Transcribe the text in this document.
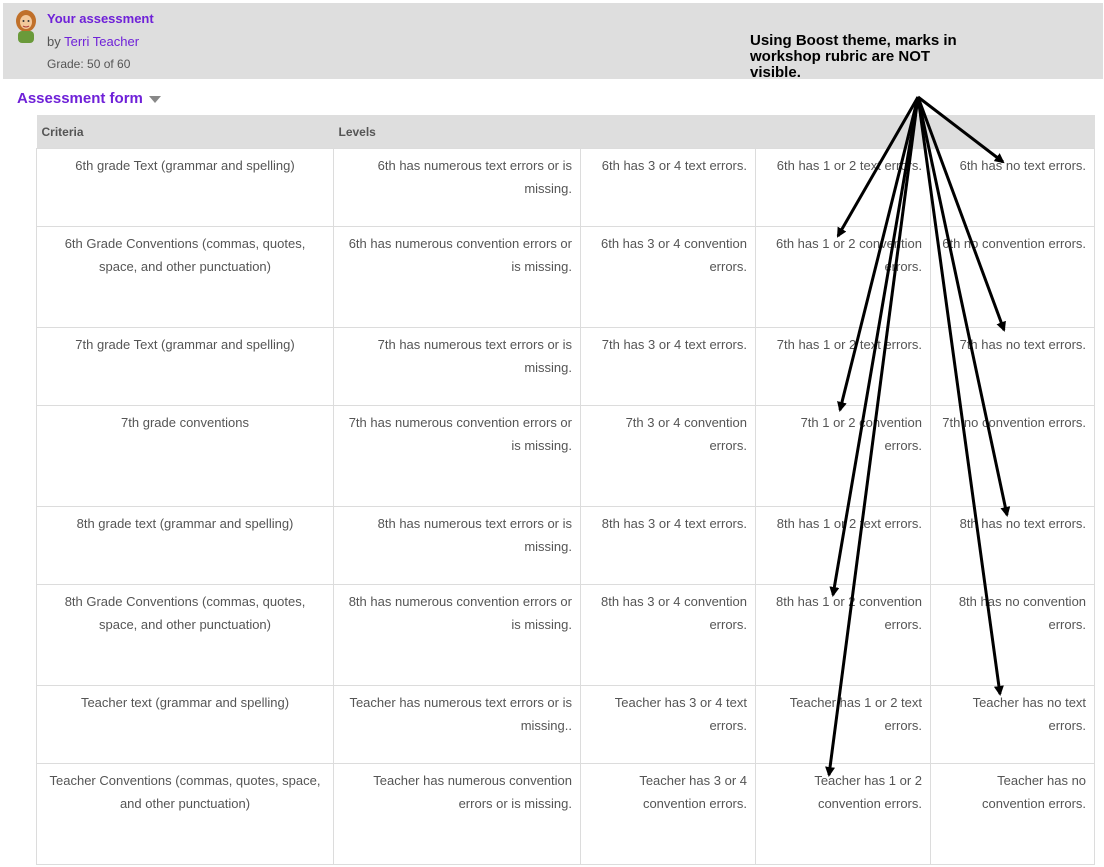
Your assessment
by Terri Teacher
Grade: 50 of 60
Assessment form
Criteria	Levels			
6th grade Text (grammar and spelling)	6th has numerous text errors or is missing.	6th has 3 or 4 text errors.	6th has 1 or 2 text errors.	6th has no text errors.
6th Grade Conventions (commas, quotes, space, and other punctuation)	6th has numerous convention errors or is missing.	6th has 3 or 4 convention errors.	6th has 1 or 2 convention errors.	6th no convention errors.
7th grade Text (grammar and spelling)	7th has numerous text errors or is missing.	7th has 3 or 4 text errors.	7th has 1 or 2 text errors.	7th has no text errors.
7th grade conventions	7th has numerous convention errors or is missing.	7th 3 or 4 convention errors.	7th 1 or 2 convention errors.	7th no convention errors.
8th grade text (grammar and spelling)	8th has numerous text errors or is missing.	8th has 3 or 4 text errors.	8th has 1 or 2 text errors.	8th has no text errors.
8th Grade Conventions (commas, quotes, space, and other punctuation)	8th has numerous convention errors or is missing.	8th has 3 or 4 convention errors.	8th has 1 or 2 convention errors.	8th has no convention errors.
Teacher text (grammar and spelling)	Teacher has numerous text errors or is missing..	Teacher has 3 or 4 text errors.	Teacher has 1 or 2 text errors.	Teacher has no text errors.
Teacher Conventions (commas, quotes, space, and other punctuation)	Teacher has numerous convention errors or is missing.	Teacher has 3 or 4 convention errors.	Teacher has 1 or 2 convention errors.	Teacher has no convention errors.
Using Boost theme, marks in workshop rubric are NOT visible.
